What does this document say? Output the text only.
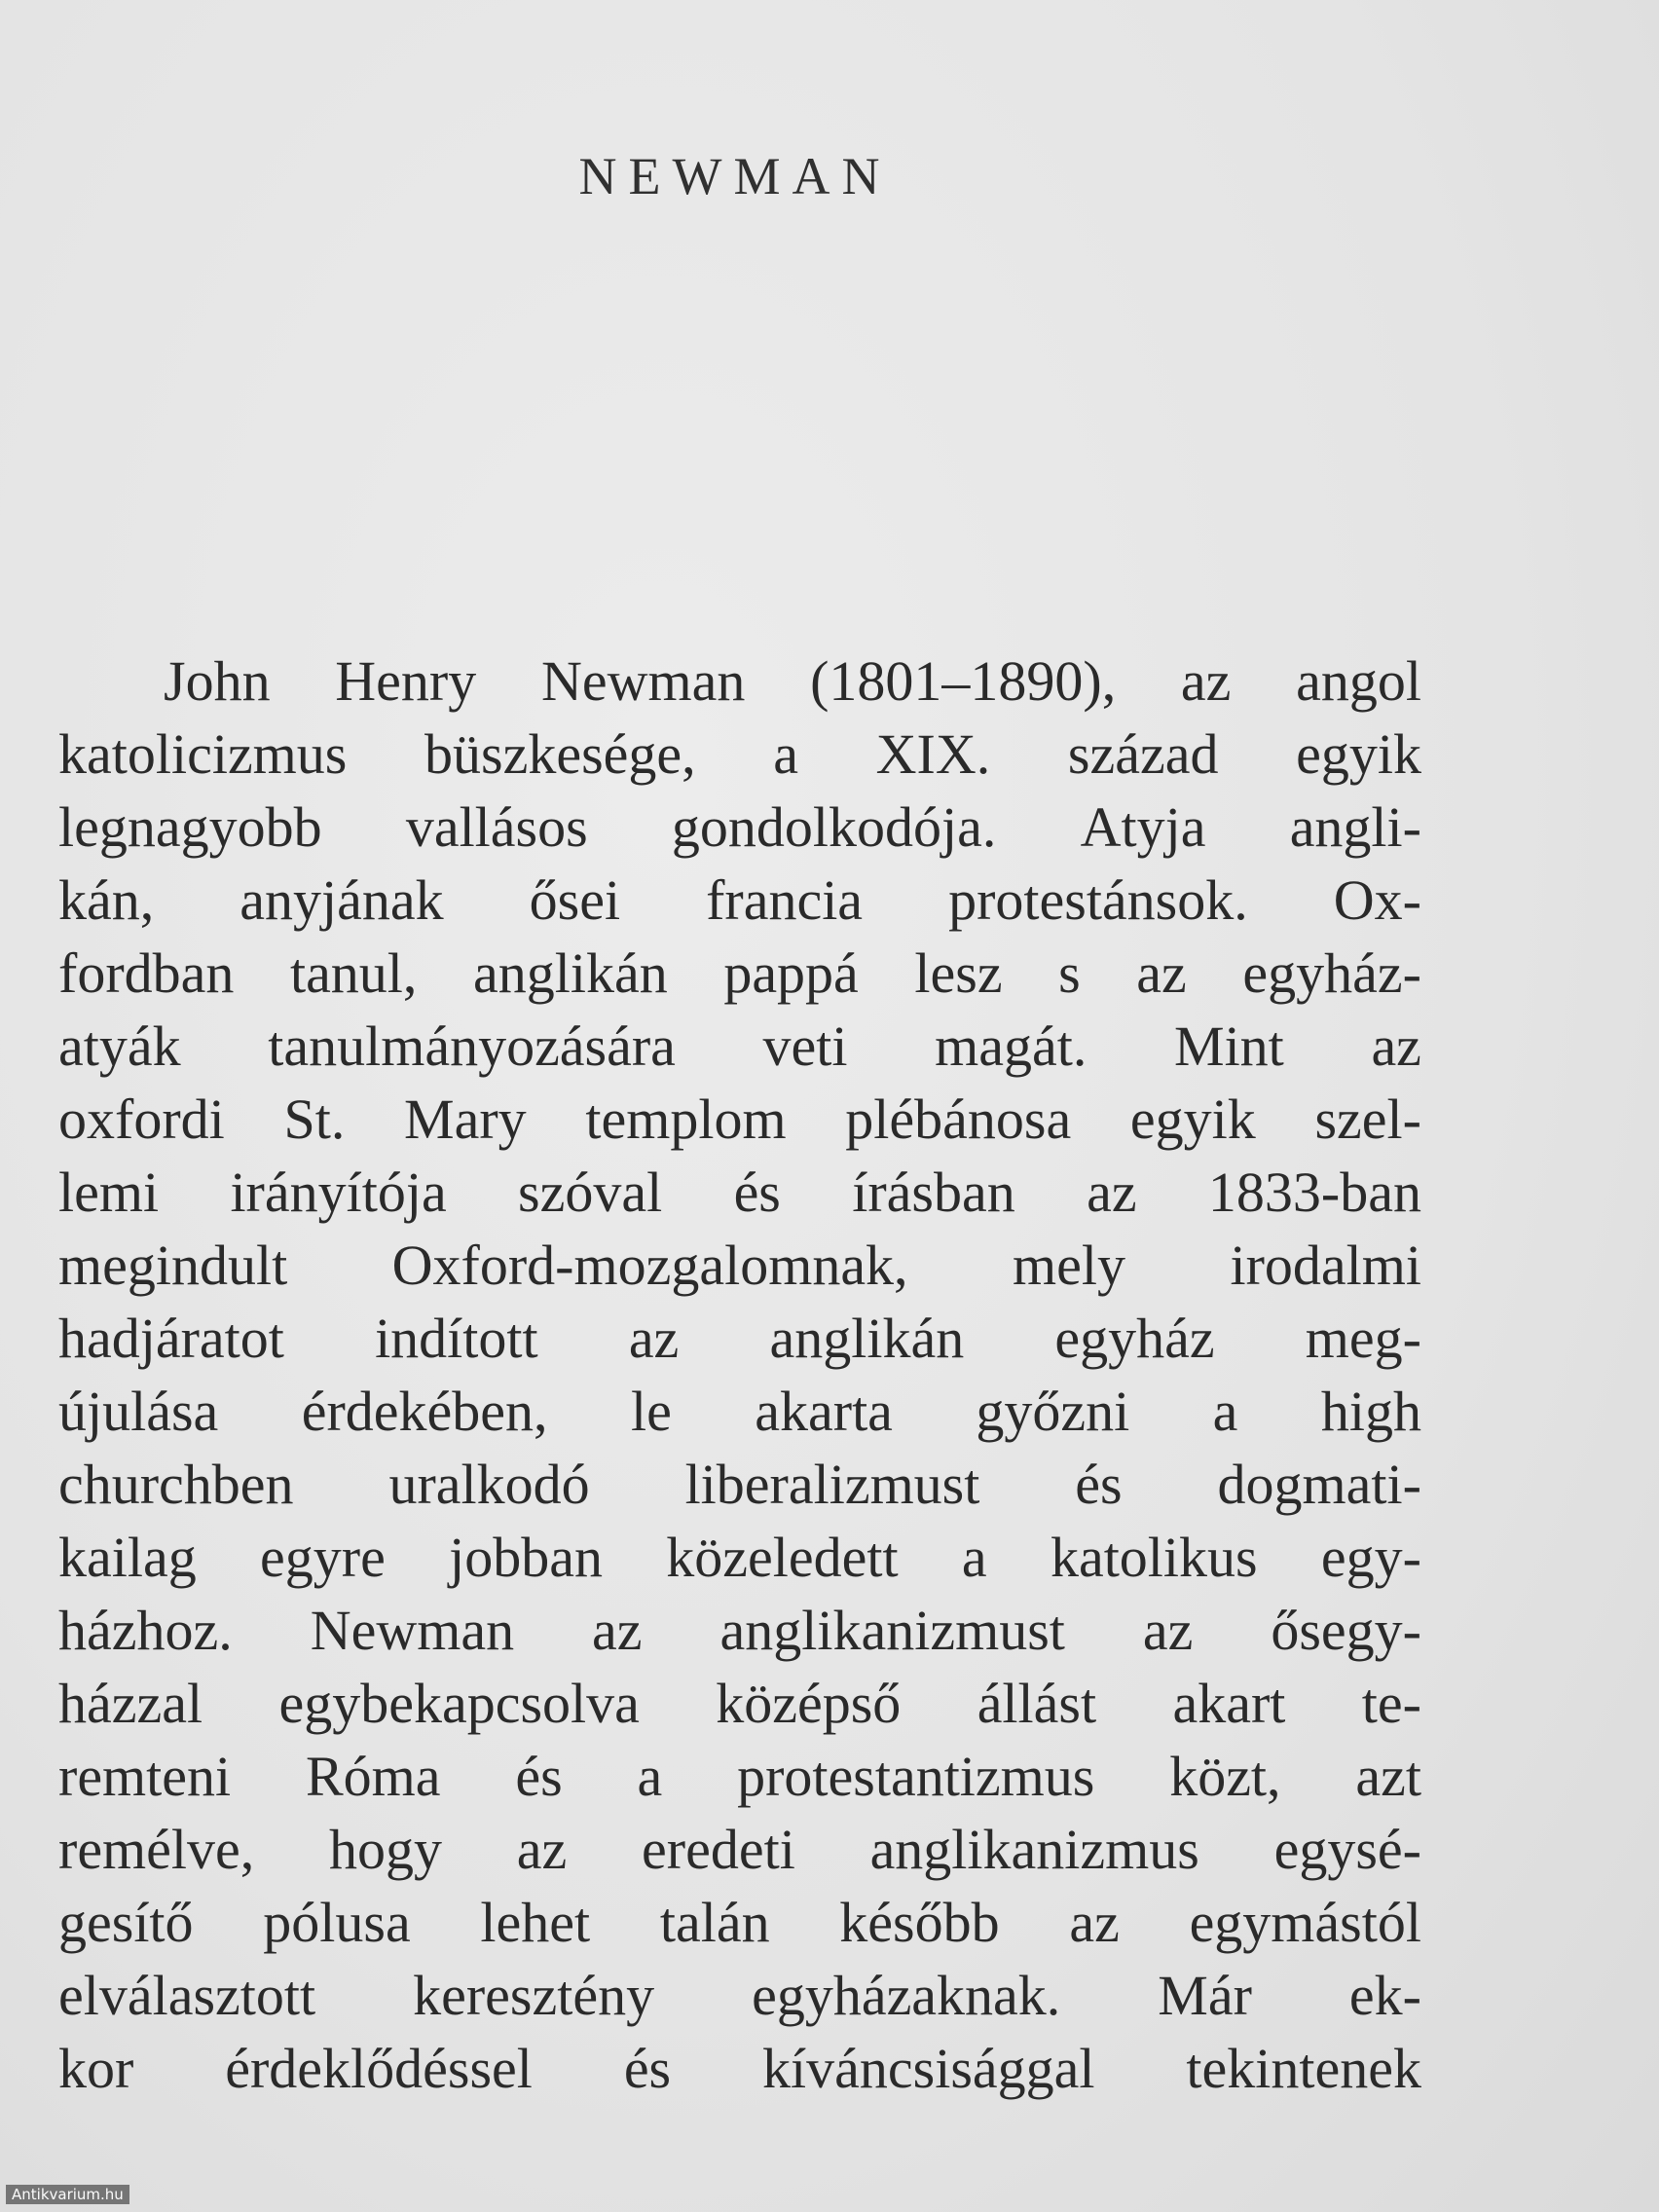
NEWMAN
John Henry Newman (1801–1890), az angol
katolicizmus büszkesége, a XIX. század egyik
legnagyobb vallásos gondolkodója. Atyja angli-
kán, anyjának ősei francia protestánsok. Ox-
fordban tanul, anglikán pappá lesz s az egyház-
atyák tanulmányozására veti magát. Mint az
oxfordi St. Mary templom plébánosa egyik szel-
lemi irányítója szóval és írásban az 1833-ban
megindult Oxford-mozgalomnak, mely irodalmi
hadjáratot indított az anglikán egyház meg-
újulása érdekében, le akarta győzni a high
churchben uralkodó liberalizmust és dogmati-
kailag egyre jobban közeledett a katolikus egy-
házhoz. Newman az anglikanizmust az ősegy-
házzal egybekapcsolva középső állást akart te-
remteni Róma és a protestantizmus közt, azt
remélve, hogy az eredeti anglikanizmus egysé-
gesítő pólusa lehet talán később az egymástól
elválasztott keresztény egyházaknak. Már ek-
kor érdeklődéssel és kíváncsisággal tekintenek
Antikvarium.hu
